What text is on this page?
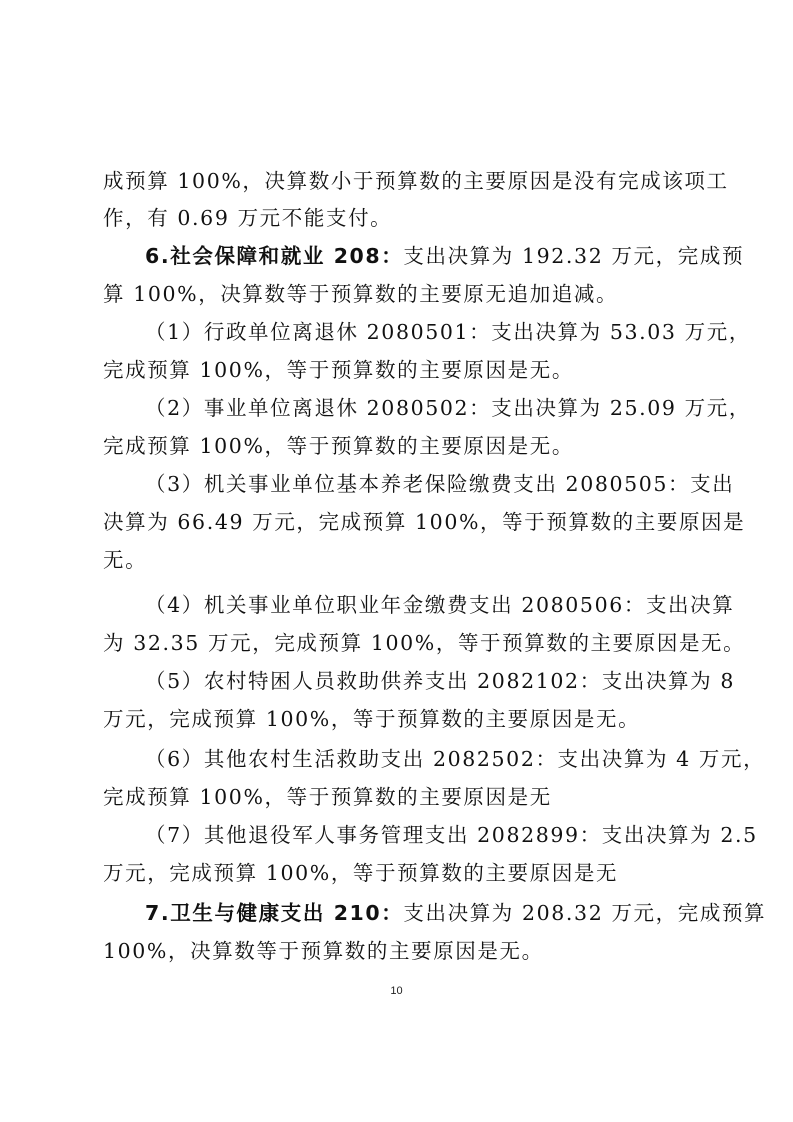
成预算 100%，决算数小于预算数的主要原因是没有完成该项工
作，有 0.69 万元不能支付。
6.社会保障和就业 208：支出决算为 192.32 万元，完成预
算 100%，决算数等于预算数的主要原无追加追减。
（1）行政单位离退休 2080501：支出决算为 53.03 万元，
完成预算 100%，等于预算数的主要原因是无。
（2）事业单位离退休 2080502：支出决算为 25.09 万元，
完成预算 100%，等于预算数的主要原因是无。
（3）机关事业单位基本养老保险缴费支出 2080505：支出
决算为 66.49 万元，完成预算 100%，等于预算数的主要原因是
无。
（4）机关事业单位职业年金缴费支出 2080506：支出决算
为 32.35 万元，完成预算 100%，等于预算数的主要原因是无。
（5）农村特困人员救助供养支出 2082102：支出决算为 8
万元，完成预算 100%，等于预算数的主要原因是无。
（6）其他农村生活救助支出 2082502：支出决算为 4 万元，
完成预算 100%，等于预算数的主要原因是无
（7）其他退役军人事务管理支出 2082899：支出决算为 2.5
万元，完成预算 100%，等于预算数的主要原因是无
7.卫生与健康支出 210：支出决算为 208.32 万元，完成预算
100%，决算数等于预算数的主要原因是无。
10
